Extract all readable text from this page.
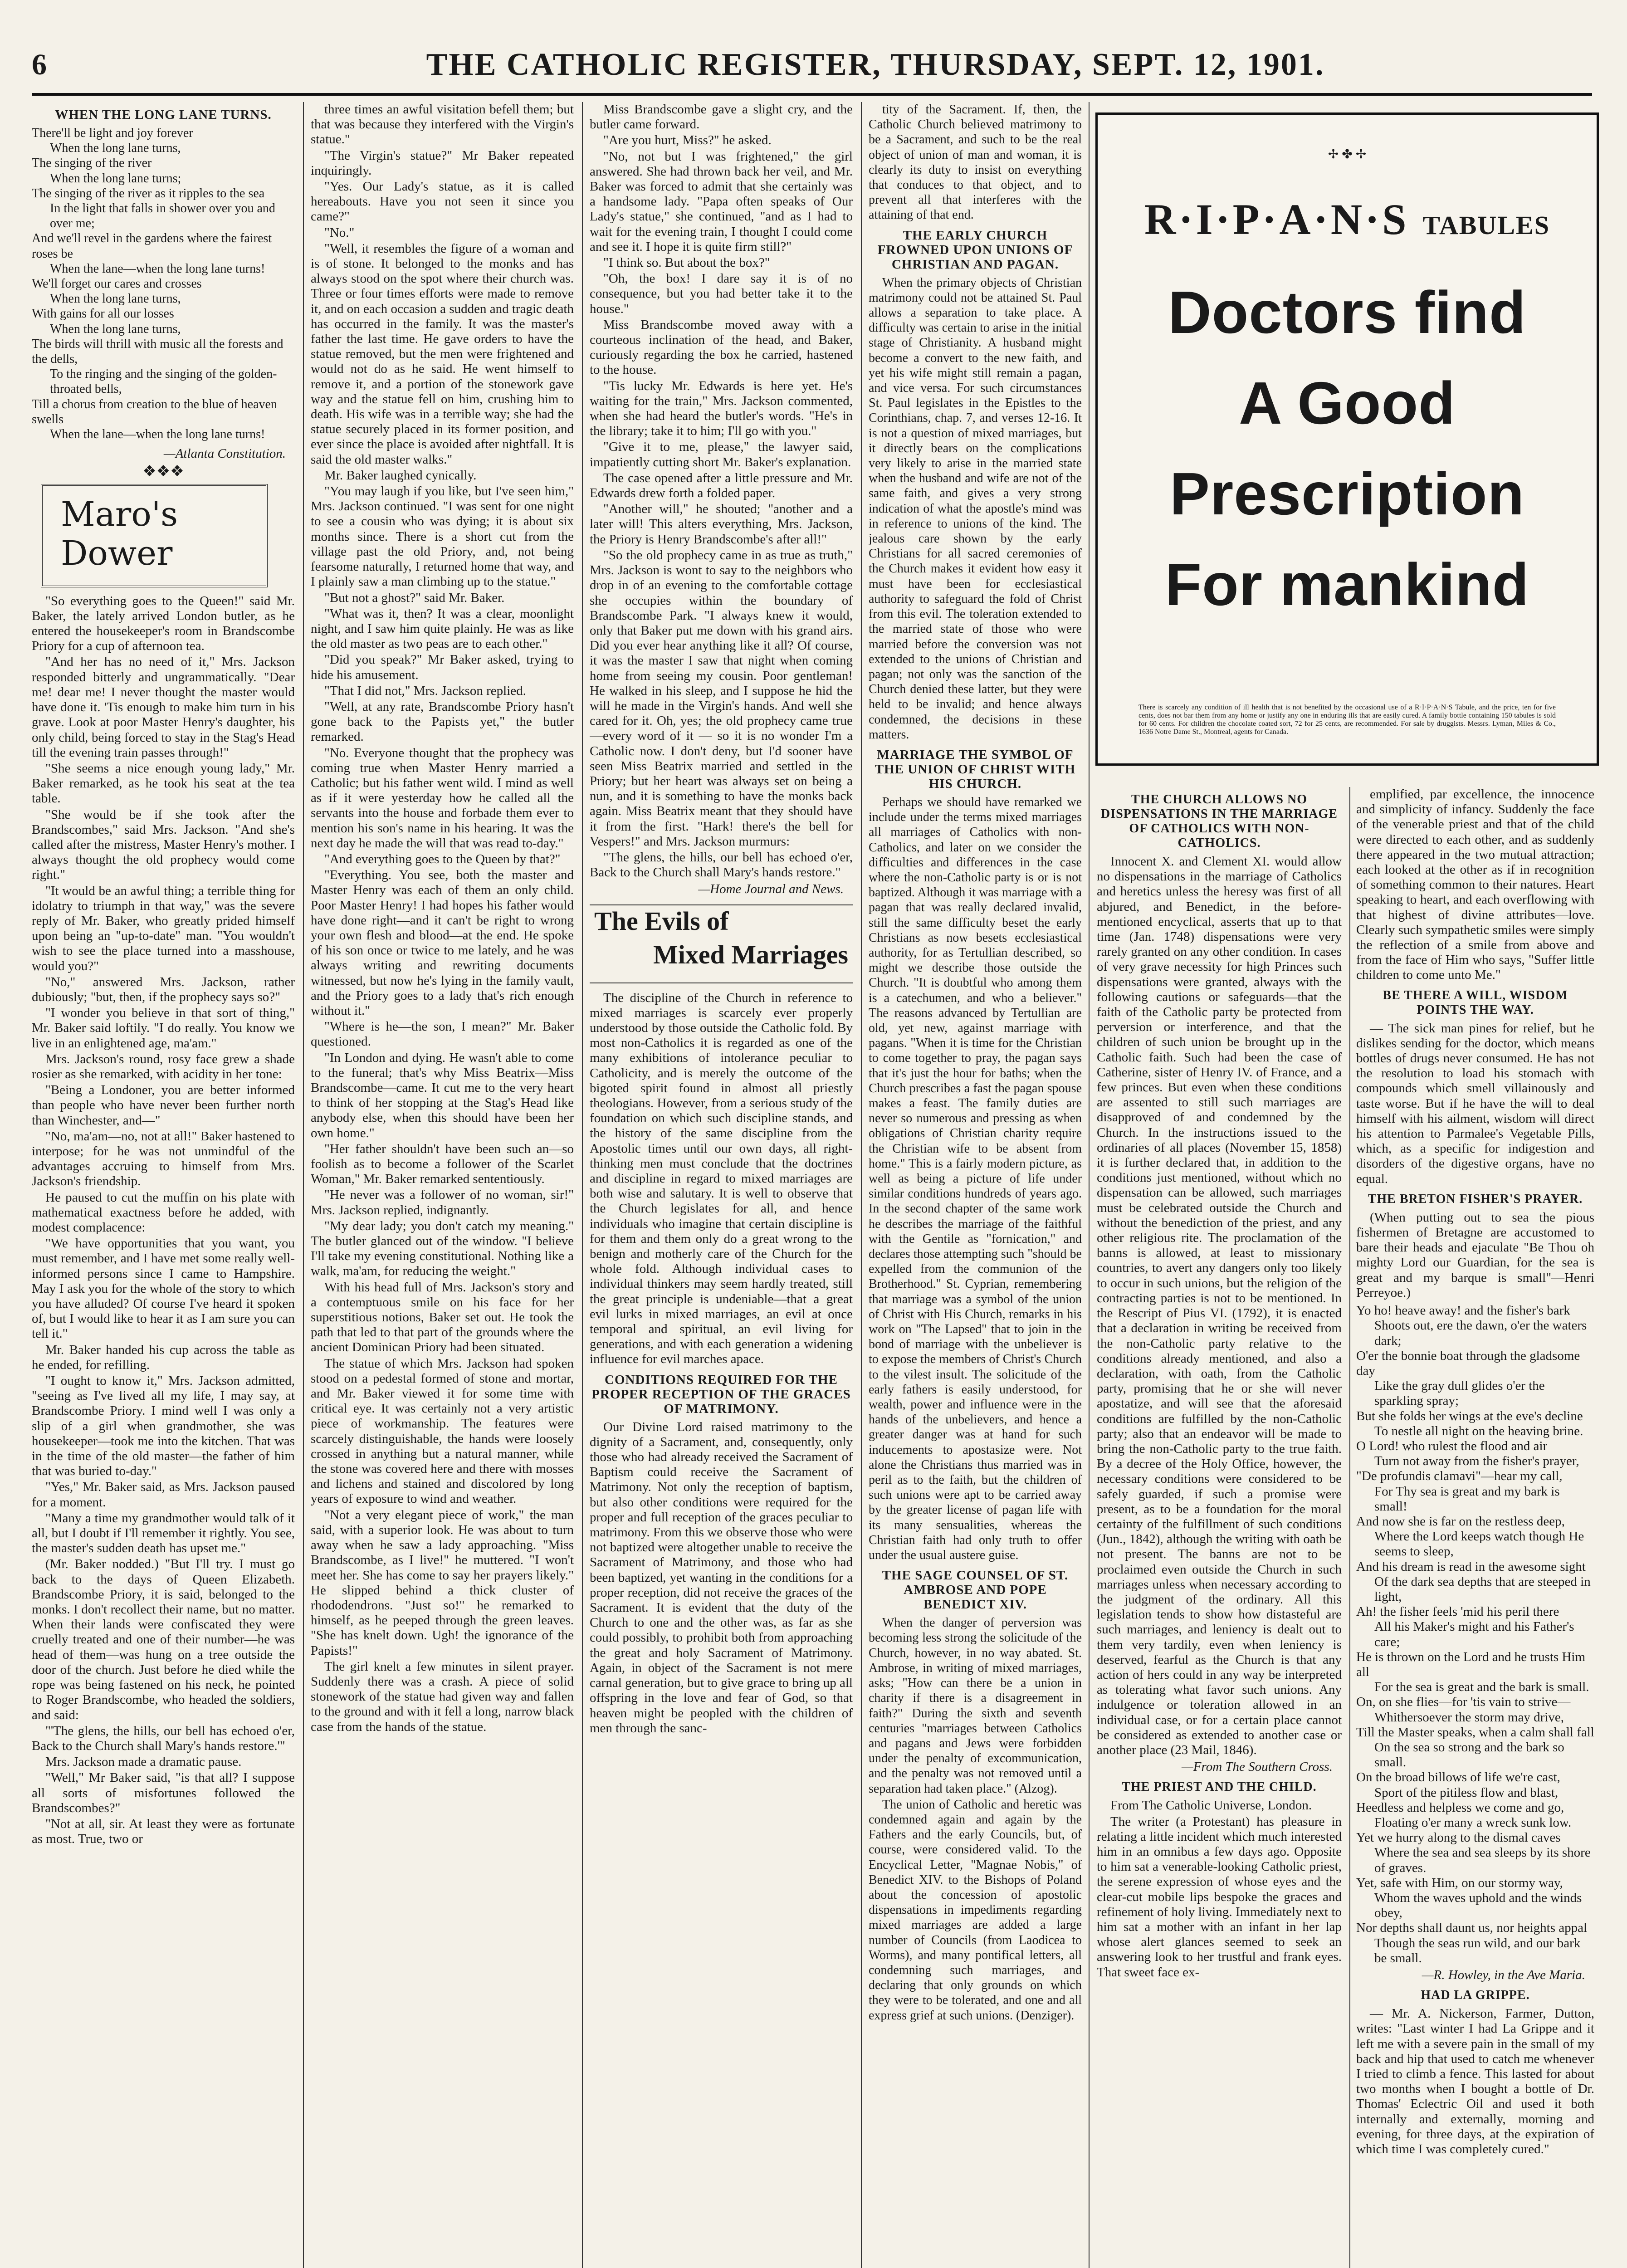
6	THE CATHOLIC REGISTER, THURSDAY, SEPT. 12, 1901.
WHEN THE LONG LANE TURNS.

There'll be light and joy forever

When the long lane turns,

The singing of the river

When the long lane turns;

The singing of the river as it ripples to the sea

In the light that falls in shower over you and over me;

And we'll revel in the gardens where the fairest roses be

When the lane—when the long lane turns!

We'll forget our cares and crosses

When the long lane turns,

With gains for all our losses

When the long lane turns,

The birds will thrill with music all the forests and the dells,

To the ringing and the singing of the golden-throated bells,

Till a chorus from creation to the blue of heaven swells

When the lane—when the long lane turns!

—Atlanta Constitution.
❖❖❖
Maro's
Dower

"So everything goes to the Queen!" said Mr. Baker, the lately arrived London butler, as he entered the housekeeper's room in Brandscombe Priory for a cup of afternoon tea.

"And her has no need of it," Mrs. Jackson responded bitterly and ungrammatically. "Dear me! dear me! I never thought the master would have done it. 'Tis enough to make him turn in his grave. Look at poor Master Henry's daughter, his only child, being forced to stay in the Stag's Head till the evening train passes through!"

"She seems a nice enough young lady," Mr. Baker remarked, as he took his seat at the tea table.

"She would be if she took after the Brandscombes," said Mrs. Jackson. "And she's called after the mistress, Master Henry's mother. I always thought the old prophecy would come right."

"It would be an awful thing; a terrible thing for idolatry to triumph in that way," was the severe reply of Mr. Baker, who greatly prided himself upon being an "up-to-date" man. "You wouldn't wish to see the place turned into a masshouse, would you?"

"No," answered Mrs. Jackson, rather dubiously; "but, then, if the prophecy says so?"

"I wonder you believe in that sort of thing," Mr. Baker said loftily. "I do really. You know we live in an enlightened age, ma'am."

Mrs. Jackson's round, rosy face grew a shade rosier as she remarked, with acidity in her tone:

"Being a Londoner, you are better informed than people who have never been further north than Winchester, and—"

"No, ma'am—no, not at all!" Baker hastened to interpose; for he was not unmindful of the advantages accruing to himself from Mrs. Jackson's friendship.

He paused to cut the muffin on his plate with mathematical exactness before he added, with modest complacence:

"We have opportunities that you want, you must remember, and I have met some really well-informed persons since I came to Hampshire. May I ask you for the whole of the story to which you have alluded? Of course I've heard it spoken of, but I would like to hear it as I am sure you can tell it."

Mr. Baker handed his cup across the table as he ended, for refilling.

"I ought to know it," Mrs. Jackson admitted, "seeing as I've lived all my life, I may say, at Brandscombe Priory. I mind well I was only a slip of a girl when grandmother, she was housekeeper—took me into the kitchen. That was in the time of the old master—the father of him that was buried to-day."

"Yes," Mr. Baker said, as Mrs. Jackson paused for a moment.

"Many a time my grandmother would talk of it all, but I doubt if I'll remember it rightly. You see, the master's sudden death has upset me."

(Mr. Baker nodded.) "But I'll try. I must go back to the days of Queen Elizabeth. Brandscombe Priory, it is said, belonged to the monks. I don't recollect their name, but no matter. When their lands were confiscated they were cruelly treated and one of their number—he was head of them—was hung on a tree outside the door of the church. Just before he died while the rope was being fastened on his neck, he pointed to Roger Brandscombe, who headed the soldiers, and said:

"'The glens, the hills, our bell has echoed o'er, Back to the Church shall Mary's hands restore.'"

Mrs. Jackson made a dramatic pause.

"Well," Mr Baker said, "is that all? I suppose all sorts of misfortunes followed the Brandscombes?"

"Not at all, sir. At least they were as fortunate as most. True, two or

three times an awful visitation befell them; but that was because they interfered with the Virgin's statue."

"The Virgin's statue?" Mr Baker repeated inquiringly.

"Yes. Our Lady's statue, as it is called hereabouts. Have you not seen it since you came?"

"No."

"Well, it resembles the figure of a woman and is of stone. It belonged to the monks and has always stood on the spot where their church was. Three or four times efforts were made to remove it, and on each occasion a sudden and tragic death has occurred in the family. It was the master's father the last time. He gave orders to have the statue removed, but the men were frightened and would not do as he said. He went himself to remove it, and a portion of the stonework gave way and the statue fell on him, crushing him to death. His wife was in a terrible way; she had the statue securely placed in its former position, and ever since the place is avoided after nightfall. It is said the old master walks."

Mr. Baker laughed cynically.

"You may laugh if you like, but I've seen him," Mrs. Jackson continued. "I was sent for one night to see a cousin who was dying; it is about six months since. There is a short cut from the village past the old Priory, and, not being fearsome naturally, I returned home that way, and I plainly saw a man climbing up to the statue."

"But not a ghost?" said Mr. Baker.

"What was it, then? It was a clear, moonlight night, and I saw him quite plainly. He was as like the old master as two peas are to each other."

"Did you speak?" Mr Baker asked, trying to hide his amusement.

"That I did not," Mrs. Jackson replied.

"Well, at any rate, Brandscombe Priory hasn't gone back to the Papists yet," the butler remarked.

"No. Everyone thought that the prophecy was coming true when Master Henry married a Catholic; but his father went wild. I mind as well as if it were yesterday how he called all the servants into the house and forbade them ever to mention his son's name in his hearing. It was the next day he made the will that was read to-day."

"And everything goes to the Queen by that?"

"Everything. You see, both the master and Master Henry was each of them an only child. Poor Master Henry! I had hopes his father would have done right—and it can't be right to wrong your own flesh and blood—at the end. He spoke of his son once or twice to me lately, and he was always writing and rewriting documents witnessed, but now he's lying in the family vault, and the Priory goes to a lady that's rich enough without it."

"Where is he—the son, I mean?" Mr. Baker questioned.

"In London and dying. He wasn't able to come to the funeral; that's why Miss Beatrix—Miss Brandscombe—came. It cut me to the very heart to think of her stopping at the Stag's Head like anybody else, when this should have been her own home."

"Her father shouldn't have been such an—so foolish as to become a follower of the Scarlet Woman," Mr. Baker remarked sententiously.

"He never was a follower of no woman, sir!" Mrs. Jackson replied, indignantly.

"My dear lady; you don't catch my meaning." The butler glanced out of the window. "I believe I'll take my evening constitutional. Nothing like a walk, ma'am, for reducing the weight."

With his head full of Mrs. Jackson's story and a contemptuous smile on his face for her superstitious notions, Baker set out. He took the path that led to that part of the grounds where the ancient Dominican Priory had been situated.

The statue of which Mrs. Jackson had spoken stood on a pedestal formed of stone and mortar, and Mr. Baker viewed it for some time with critical eye. It was certainly not a very artistic piece of workmanship. The features were scarcely distinguishable, the hands were loosely crossed in anything but a natural manner, while the stone was covered here and there with mosses and lichens and stained and discolored by long years of exposure to wind and weather.

"Not a very elegant piece of work," the man said, with a superior look. He was about to turn away when he saw a lady approaching. "Miss Brandscombe, as I live!" he muttered. "I won't meet her. She has come to say her prayers likely." He slipped behind a thick cluster of rhododendrons. "Just so!" he remarked to himself, as he peeped through the green leaves. "She has knelt down. Ugh! the ignorance of the Papists!"

The girl knelt a few minutes in silent prayer. Suddenly there was a crash. A piece of solid stonework of the statue had given way and fallen to the ground and with it fell a long, narrow black case from the hands of the statue.

Miss Brandscombe gave a slight cry, and the butler came forward.

"Are you hurt, Miss?" he asked.

"No, not but I was frightened," the girl answered. She had thrown back her veil, and Mr. Baker was forced to admit that she certainly was a handsome lady. "Papa often speaks of Our Lady's statue," she continued, "and as I had to wait for the evening train, I thought I could come and see it. I hope it is quite firm still?"

"I think so. But about the box?"

"Oh, the box! I dare say it is of no consequence, but you had better take it to the house."

Miss Brandscombe moved away with a courteous inclination of the head, and Baker, curiously regarding the box he carried, hastened to the house.

"Tis lucky Mr. Edwards is here yet. He's waiting for the train," Mrs. Jackson commented, when she had heard the butler's words. "He's in the library; take it to him; I'll go with you."

"Give it to me, please," the lawyer said, impatiently cutting short Mr. Baker's explanation.

The case opened after a little pressure and Mr. Edwards drew forth a folded paper.

"Another will," he shouted; "another and a later will! This alters everything, Mrs. Jackson, the Priory is Henry Brandscombe's after all!"

"So the old prophecy came in as true as truth," Mrs. Jackson is wont to say to the neighbors who drop in of an evening to the comfortable cottage she occupies within the boundary of Brandscombe Park. "I always knew it would, only that Baker put me down with his grand airs. Did you ever hear anything like it all? Of course, it was the master I saw that night when coming home from seeing my cousin. Poor gentleman! He walked in his sleep, and I suppose he hid the will he made in the Virgin's hands. And well she cared for it. Oh, yes; the old prophecy came true—every word of it — so it is no wonder I'm a Catholic now. I don't deny, but I'd sooner have seen Miss Beatrix married and settled in the Priory; but her heart was always set on being a nun, and it is something to have the monks back again. Miss Beatrix meant that they should have it from the first. "Hark! there's the bell for Vespers!" and Mrs. Jackson murmurs:

"The glens, the hills, our bell has echoed o'er, Back to the Church shall Mary's hands restore."

—Home Journal and News.
The Evils of
Mixed Marriages

The discipline of the Church in reference to mixed marriages is scarcely ever properly understood by those outside the Catholic fold. By most non-Catholics it is regarded as one of the many exhibitions of intolerance peculiar to Catholicity, and is merely the outcome of the bigoted spirit found in almost all priestly theologians. However, from a serious study of the foundation on which such discipline stands, and the history of the same discipline from the Apostolic times until our own days, all right-thinking men must conclude that the doctrines and discipline in regard to mixed marriages are both wise and salutary. It is well to observe that the Church legislates for all, and hence individuals who imagine that certain discipline is for them and them only do a great wrong to the benign and motherly care of the Church for the whole fold. Although individual cases to individual thinkers may seem hardly treated, still the great principle is undeniable—that a great evil lurks in mixed marriages, an evil at once temporal and spiritual, an evil living for generations, and with each generation a widening influence for evil marches apace.

CONDITIONS REQUIRED FOR THE PROPER RECEPTION OF THE GRACES OF MATRIMONY.

Our Divine Lord raised matrimony to the dignity of a Sacrament, and, consequently, only those who had already received the Sacrament of Baptism could receive the Sacrament of Matrimony. Not only the reception of baptism, but also other conditions were required for the proper and full reception of the graces peculiar to matrimony. From this we observe those who were not baptized were altogether unable to receive the Sacrament of Matrimony, and those who had been baptized, yet wanting in the conditions for a proper reception, did not receive the graces of the Sacrament. It is evident that the duty of the Church to one and the other was, as far as she could possibly, to prohibit both from approaching the great and holy Sacrament of Matrimony. Again, in object of the Sacrament is not mere carnal generation, but to give grace to bring up all offspring in the love and fear of God, so that heaven might be peopled with the children of men through the sanc-

tity of the Sacrament. If, then, the Catholic Church believed matrimony to be a Sacrament, and such to be the real object of union of man and woman, it is clearly its duty to insist on everything that conduces to that object, and to prevent all that interferes with the attaining of that end.

THE EARLY CHURCH FROWNED UPON UNIONS OF CHRISTIAN AND PAGAN.

When the primary objects of Christian matrimony could not be attained St. Paul allows a separation to take place. A difficulty was certain to arise in the initial stage of Christianity. A husband might become a convert to the new faith, and yet his wife might still remain a pagan, and vice versa. For such circumstances St. Paul legislates in the Epistles to the Corinthians, chap. 7, and verses 12-16. It is not a question of mixed marriages, but it directly bears on the complications very likely to arise in the married state when the husband and wife are not of the same faith, and gives a very strong indication of what the apostle's mind was in reference to unions of the kind. The jealous care shown by the early Christians for all sacred ceremonies of the Church makes it evident how easy it must have been for ecclesiastical authority to safeguard the fold of Christ from this evil. The toleration extended to the married state of those who were married before the conversion was not extended to the unions of Christian and pagan; not only was the sanction of the Church denied these latter, but they were held to be invalid; and hence always condemned, the decisions in these matters.

MARRIAGE THE SYMBOL OF THE UNION OF CHRIST WITH HIS CHURCH.

Perhaps we should have remarked we include under the terms mixed marriages all marriages of Catholics with non-Catholics, and later on we consider the difficulties and differences in the case where the non-Catholic party is or is not baptized. Although it was marriage with a pagan that was really declared invalid, still the same difficulty beset the early Christians as now besets ecclesiastical authority, for as Tertullian described, so might we describe those outside the Church. "It is doubtful who among them is a catechumen, and who a believer." The reasons advanced by Tertullian are old, yet new, against marriage with pagans. "When it is time for the Christian to come together to pray, the pagan says that it's just the hour for baths; when the Church prescribes a fast the pagan spouse makes a feast. The family duties are never so numerous and pressing as when obligations of Christian charity require the Christian wife to be absent from home." This is a fairly modern picture, as well as being a picture of life under similar conditions hundreds of years ago. In the second chapter of the same work he describes the marriage of the faithful with the Gentile as "fornication," and declares those attempting such "should be expelled from the communion of the Brotherhood." St. Cyprian, remembering that marriage was a symbol of the union of Christ with His Church, remarks in his work on "The Lapsed" that to join in the bond of marriage with the unbeliever is to expose the members of Christ's Church to the vilest insult. The solicitude of the early fathers is easily understood, for wealth, power and influence were in the hands of the unbelievers, and hence a greater danger was at hand for such inducements to apostasize were. Not alone the Christians thus married was in peril as to the faith, but the children of such unions were apt to be carried away by the greater license of pagan life with its many sensualities, whereas the Christian faith had only truth to offer under the usual austere guise.

THE SAGE COUNSEL OF ST. AMBROSE AND POPE BENEDICT XIV.

When the danger of perversion was becoming less strong the solicitude of the Church, however, in no way abated. St. Ambrose, in writing of mixed marriages, asks; "How can there be a union in charity if there is a disagreement in faith?" During the sixth and seventh centuries "marriages between Catholics and pagans and Jews were forbidden under the penalty of excommunication, and the penalty was not removed until a separation had taken place." (Alzog).

The union of Catholic and heretic was condemned again and again by the Fathers and the early Councils, but, of course, were considered valid. To the Encyclical Letter, "Magnae Nobis," of Benedict XIV. to the Bishops of Poland about the concession of apostolic dispensations in impediments regarding mixed marriages are added a large number of Councils (from Laodicea to Worms), and many pontifical letters, all condemning such marriages, and declaring that only grounds on which they were to be tolerated, and one and all express grief at such unions. (Denziger).

✢ ✤ ✢
R·I·P·A·N·S TABULES
Doctors find
A Good
Prescription
For mankind
There is scarcely any condition of ill health that is not benefited by the occasional use of a R·I·P·A·N·S Tabule, and the price, ten for five cents, does not bar them from any home or justify any one in enduring ills that are easily cured. A family bottle containing 150 tabules is sold for 60 cents. For children the chocolate coated sort, 72 for 25 cents, are recommended. For sale by druggists. Messrs. Lyman, Miles & Co., 1636 Notre Dame St., Montreal, agents for Canada.
THE CHURCH ALLOWS NO DISPENSATIONS IN THE MARRIAGE OF CATHOLICS WITH NON-CATHOLICS.

Innocent X. and Clement XI. would allow no dispensations in the marriage of Catholics and heretics unless the heresy was first of all abjured, and Benedict, in the before-mentioned encyclical, asserts that up to that time (Jan. 1748) dispensations were very rarely granted on any other condition. In cases of very grave necessity for high Princes such dispensations were granted, always with the following cautions or safeguards—that the faith of the Catholic party be protected from perversion or interference, and that the children of such union be brought up in the Catholic faith. Such had been the case of Catherine, sister of Henry IV. of France, and a few princes. But even when these conditions are assented to still such marriages are disapproved of and condemned by the Church. In the instructions issued to the ordinaries of all places (November 15, 1858) it is further declared that, in addition to the conditions just mentioned, without which no dispensation can be allowed, such marriages must be celebrated outside the Church and without the benediction of the priest, and any other religious rite. The proclamation of the banns is allowed, at least to missionary countries, to avert any dangers only too likely to occur in such unions, but the religion of the contracting parties is not to be mentioned. In the Rescript of Pius VI. (1792), it is enacted that a declaration in writing be received from the non-Catholic party relative to the conditions already mentioned, and also a declaration, with oath, from the Catholic party, promising that he or she will never apostatize, and will see that the aforesaid conditions are fulfilled by the non-Catholic party; also that an endeavor will be made to bring the non-Catholic party to the true faith. By a decree of the Holy Office, however, the necessary conditions were considered to be safely guarded, if such a promise were present, as to be a foundation for the moral certainty of the fulfillment of such conditions (Jun., 1842), although the writing with oath be not present. The banns are not to be proclaimed even outside the Church in such marriages unless when necessary according to the judgment of the ordinary. All this legislation tends to show how distasteful are such marriages, and leniency is dealt out to them very tardily, even when leniency is deserved, fearful as the Church is that any action of hers could in any way be interpreted as tolerating what favor such unions. Any indulgence or toleration allowed in an individual case, or for a certain place cannot be considered as extended to another case or another place (23 Mail, 1846).

—From The Southern Cross.
THE PRIEST AND THE CHILD.

From The Catholic Universe, London.

The writer (a Protestant) has pleasure in relating a little incident which much interested him in an omnibus a few days ago. Opposite to him sat a venerable-looking Catholic priest, the serene expression of whose eyes and the clear-cut mobile lips bespoke the graces and refinement of holy living. Immediately next to him sat a mother with an infant in her lap whose alert glances seemed to seek an answering look to her trustful and frank eyes. That sweet face ex-

emplified, par excellence, the innocence and simplicity of infancy. Suddenly the face of the venerable priest and that of the child were directed to each other, and as suddenly there appeared in the two mutual attraction; each looked at the other as if in recognition of something common to their natures. Heart speaking to heart, and each overflowing with that highest of divine attributes—love. Clearly such sympathetic smiles were simply the reflection of a smile from above and from the face of Him who says, "Suffer little children to come unto Me."

BE THERE A WILL, WISDOM POINTS THE WAY.

— The sick man pines for relief, but he dislikes sending for the doctor, which means bottles of drugs never consumed. He has not the resolution to load his stomach with compounds which smell villainously and taste worse. But if he have the will to deal himself with his ailment, wisdom will direct his attention to Parmalee's Vegetable Pills, which, as a specific for indigestion and disorders of the digestive organs, have no equal.

THE BRETON FISHER'S PRAYER.

(When putting out to sea the pious fishermen of Bretagne are accustomed to bare their heads and ejaculate "Be Thou oh mighty Lord our Guardian, for the sea is great and my barque is small"—Henri Perreyoe.)

Yo ho! heave away! and the fisher's bark

Shoots out, ere the dawn, o'er the waters dark;

O'er the bonnie boat through the gladsome day

Like the gray dull glides o'er the sparkling spray;

But she folds her wings at the eve's decline

To nestle all night on the heaving brine.

O Lord! who rulest the flood and air

Turn not away from the fisher's prayer,

"De profundis clamavi"—hear my call,

For Thy sea is great and my bark is small!

And now she is far on the restless deep,

Where the Lord keeps watch though He seems to sleep,

And his dream is read in the awesome sight

Of the dark sea depths that are steeped in light,

Ah! the fisher feels 'mid his peril there

All his Maker's might and his Father's care;

He is thrown on the Lord and he trusts Him all

For the sea is great and the bark is small.

On, on she flies—for 'tis vain to strive—

Whithersoever the storm may drive,

Till the Master speaks, when a calm shall fall

On the sea so strong and the bark so small.

On the broad billows of life we're cast,

Sport of the pitiless flow and blast,

Heedless and helpless we come and go,

Floating o'er many a wreck sunk low.

Yet we hurry along to the dismal caves

Where the sea and sea sleeps by its shore of graves.

Yet, safe with Him, on our stormy way,

Whom the waves uphold and the winds obey,

Nor depths shall daunt us, nor heights appal

Though the seas run wild, and our bark be small.

—R. Howley, in the Ave Maria.
HAD LA GRIPPE.

— Mr. A. Nickerson, Farmer, Dutton, writes: "Last winter I had La Grippe and it left me with a severe pain in the small of my back and hip that used to catch me whenever I tried to climb a fence. This lasted for about two months when I bought a bottle of Dr. Thomas' Eclectric Oil and used it both internally and externally, morning and evening, for three days, at the expiration of which time I was completely cured."
